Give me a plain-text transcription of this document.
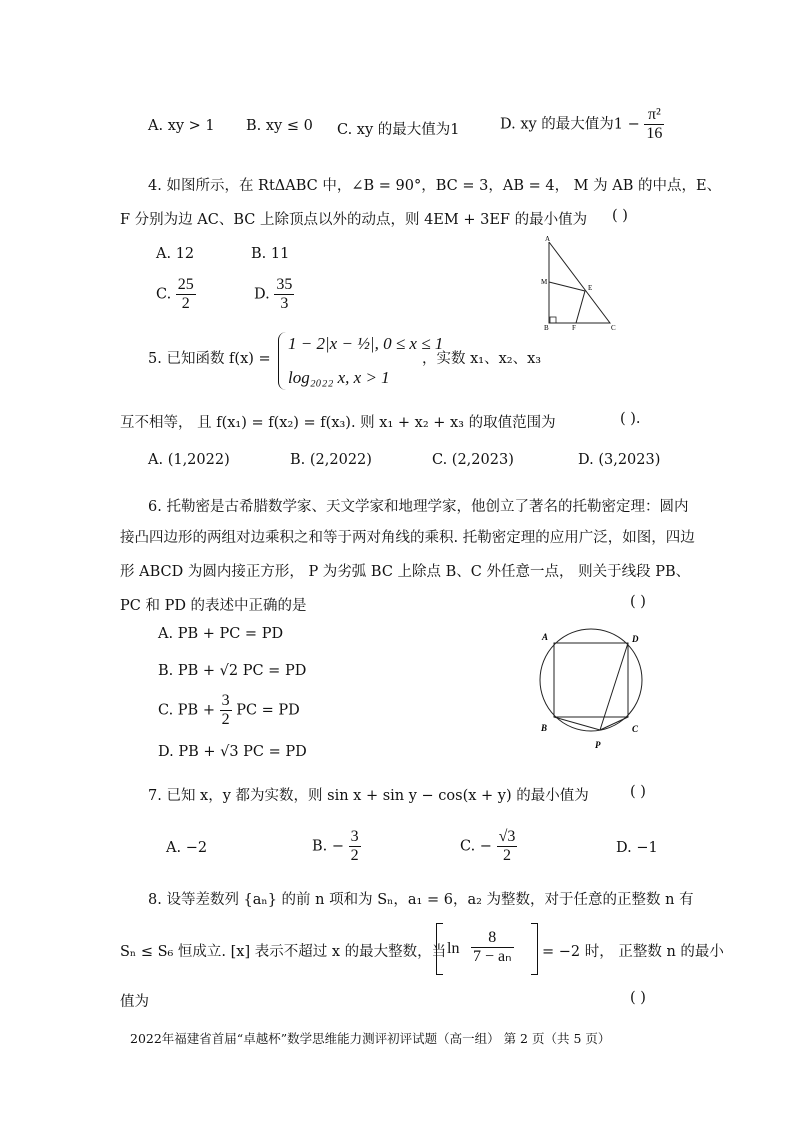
A. xy > 1 B. xy ≤ 0 C. xy 的最大值为1	D. xy 的最大值为$1 - \frac{\text{π²}}{16}$
4. 如图所示，在 RtΔABC 中，∠B = 90°，BC = 3，AB = 4， M 为 AB 的中点，E、
F 分别为边 AC、BC 上除顶点以外的动点，则 4EM + 3EF 的最小值为 ( )
A. 12	B. 11
C. $\frac{25}{2}$	D. $\frac{35}{3}$
A
M
E
B	F	C
5. 已知函数 f(x) =
1 − 2|x − ½|, 0 ≤ x ≤ 1
log₂₀₂₂ x, x > 1
，实数 x₁、x₂、x₃
互不相等， 且 f(x₁) = f(x₂) = f(x₃). 则 x₁ + x₂ + x₃ 的取值范围为	( ).
A. (1,2022)	B. (2,2022)	C. (2,2023)	D. (3,2023)
6. 托勒密是古希腊数学家、天文学家和地理学家，他创立了著名的托勒密定理：圆内
接凸四边形的两组对边乘积之和等于两对角线的乘积. 托勒密定理的应用广泛，如图，四边
形 ABCD 为圆内接正方形， P 为劣弧 BC 上除点 B、C 外任意一点， 则关于线段 PB、
PC 和 PD 的表述中正确的是	( )
A. PB + PC = PD
B. PB + √2 PC = PD
C. PB + $\frac{3}{2}$ PC = PD
D. PB + √3 PC = PD
A	D
B	C
P
7. 已知 x，y 都为实数，则 sin x + sin y − cos(x + y) 的最小值为	( )
A. −2	B. − $\frac{3}{2}$	C. − $\frac{√3}{2}$	D. −1
8. 设等差数列 {aₙ} 的前 n 项和为 Sₙ，a₁ = 6，a₂ 为整数，对于任意的正整数 n 有
Sₙ ≤ S₆ 恒成立. [x] 表示不超过 x 的最大整数，当 $\ln \frac{8}{\text{7 − aₙ}} = -2$ 时， 正整数 n 的最小
值为	( )
2022年福建省首届“卓越杯”数学思维能力测评初评试题（高一组） 第 2 页（共 5 页）
